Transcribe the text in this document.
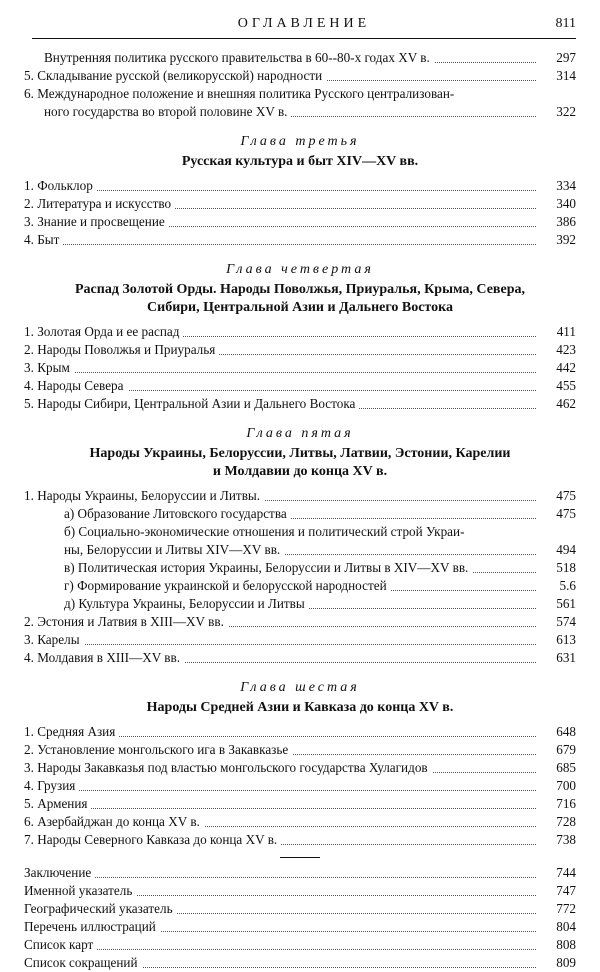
ОГЛАВЛЕНИЕ	811
Внутренняя политика русского правительства в 60--80-х годах XV в.	297
5. Складывание русской (великорусской) народности	314
6. Международное положение и внешняя политика Русского централизован-
ного государства во второй половине XV в.	322
Глава третья
Русская культура и быт XIV—XV вв.
1. Фольклор	334
2. Литература и искусство	340
3. Знание и просвещение	386
4. Быт	392
Глава четвертая
Распад Золотой Орды. Народы Поволжья, Приуралья, Крыма, Севера,
Сибири, Центральной Азии и Дальнего Востока
1. Золотая Орда и ее распад	411
2. Народы Поволжья и Приуралья	423
3. Крым	442
4. Народы Севера	455
5. Народы Сибири, Центральной Азии и Дальнего Востока	462
Глава пятая
Народы Украины, Белоруссии, Литвы, Латвии, Эстонии, Карелии
и Молдавии до конца XV в.
1. Народы Украины, Белоруссии и Литвы.	475
а) Образование Литовского государства	475
б) Социально-экономические отношения и политический строй Украи-
ны, Белоруссии и Литвы XIV—XV вв.	494
в) Политическая история Украины, Белоруссии и Литвы в XIV—XV вв.	518
г) Формирование украинской и белорусской народностей	5.6
д) Культура Украины, Белоруссии и Литвы	561
2. Эстония и Латвия в XIII—XV вв.	574
3. Карелы	613
4. Молдавия в XIII—XV вв.	631
Глава шестая
Народы Средней Азии и Кавказа до конца XV в.
1. Средняя Азия	648
2. Установление монгольского ига в Закавказье	679
3. Народы Закавказья под властью монгольского государства Хулагидов	685
4. Грузия	700
5. Армения	716
6. Азербайджан до конца XV в.	728
7. Народы Северного Кавказа до конца XV в.	738
Заключение	744
Именной указатель	747
Географический указатель	772
Перечень иллюстраций	804
Список карт	808
Список сокращений	809
